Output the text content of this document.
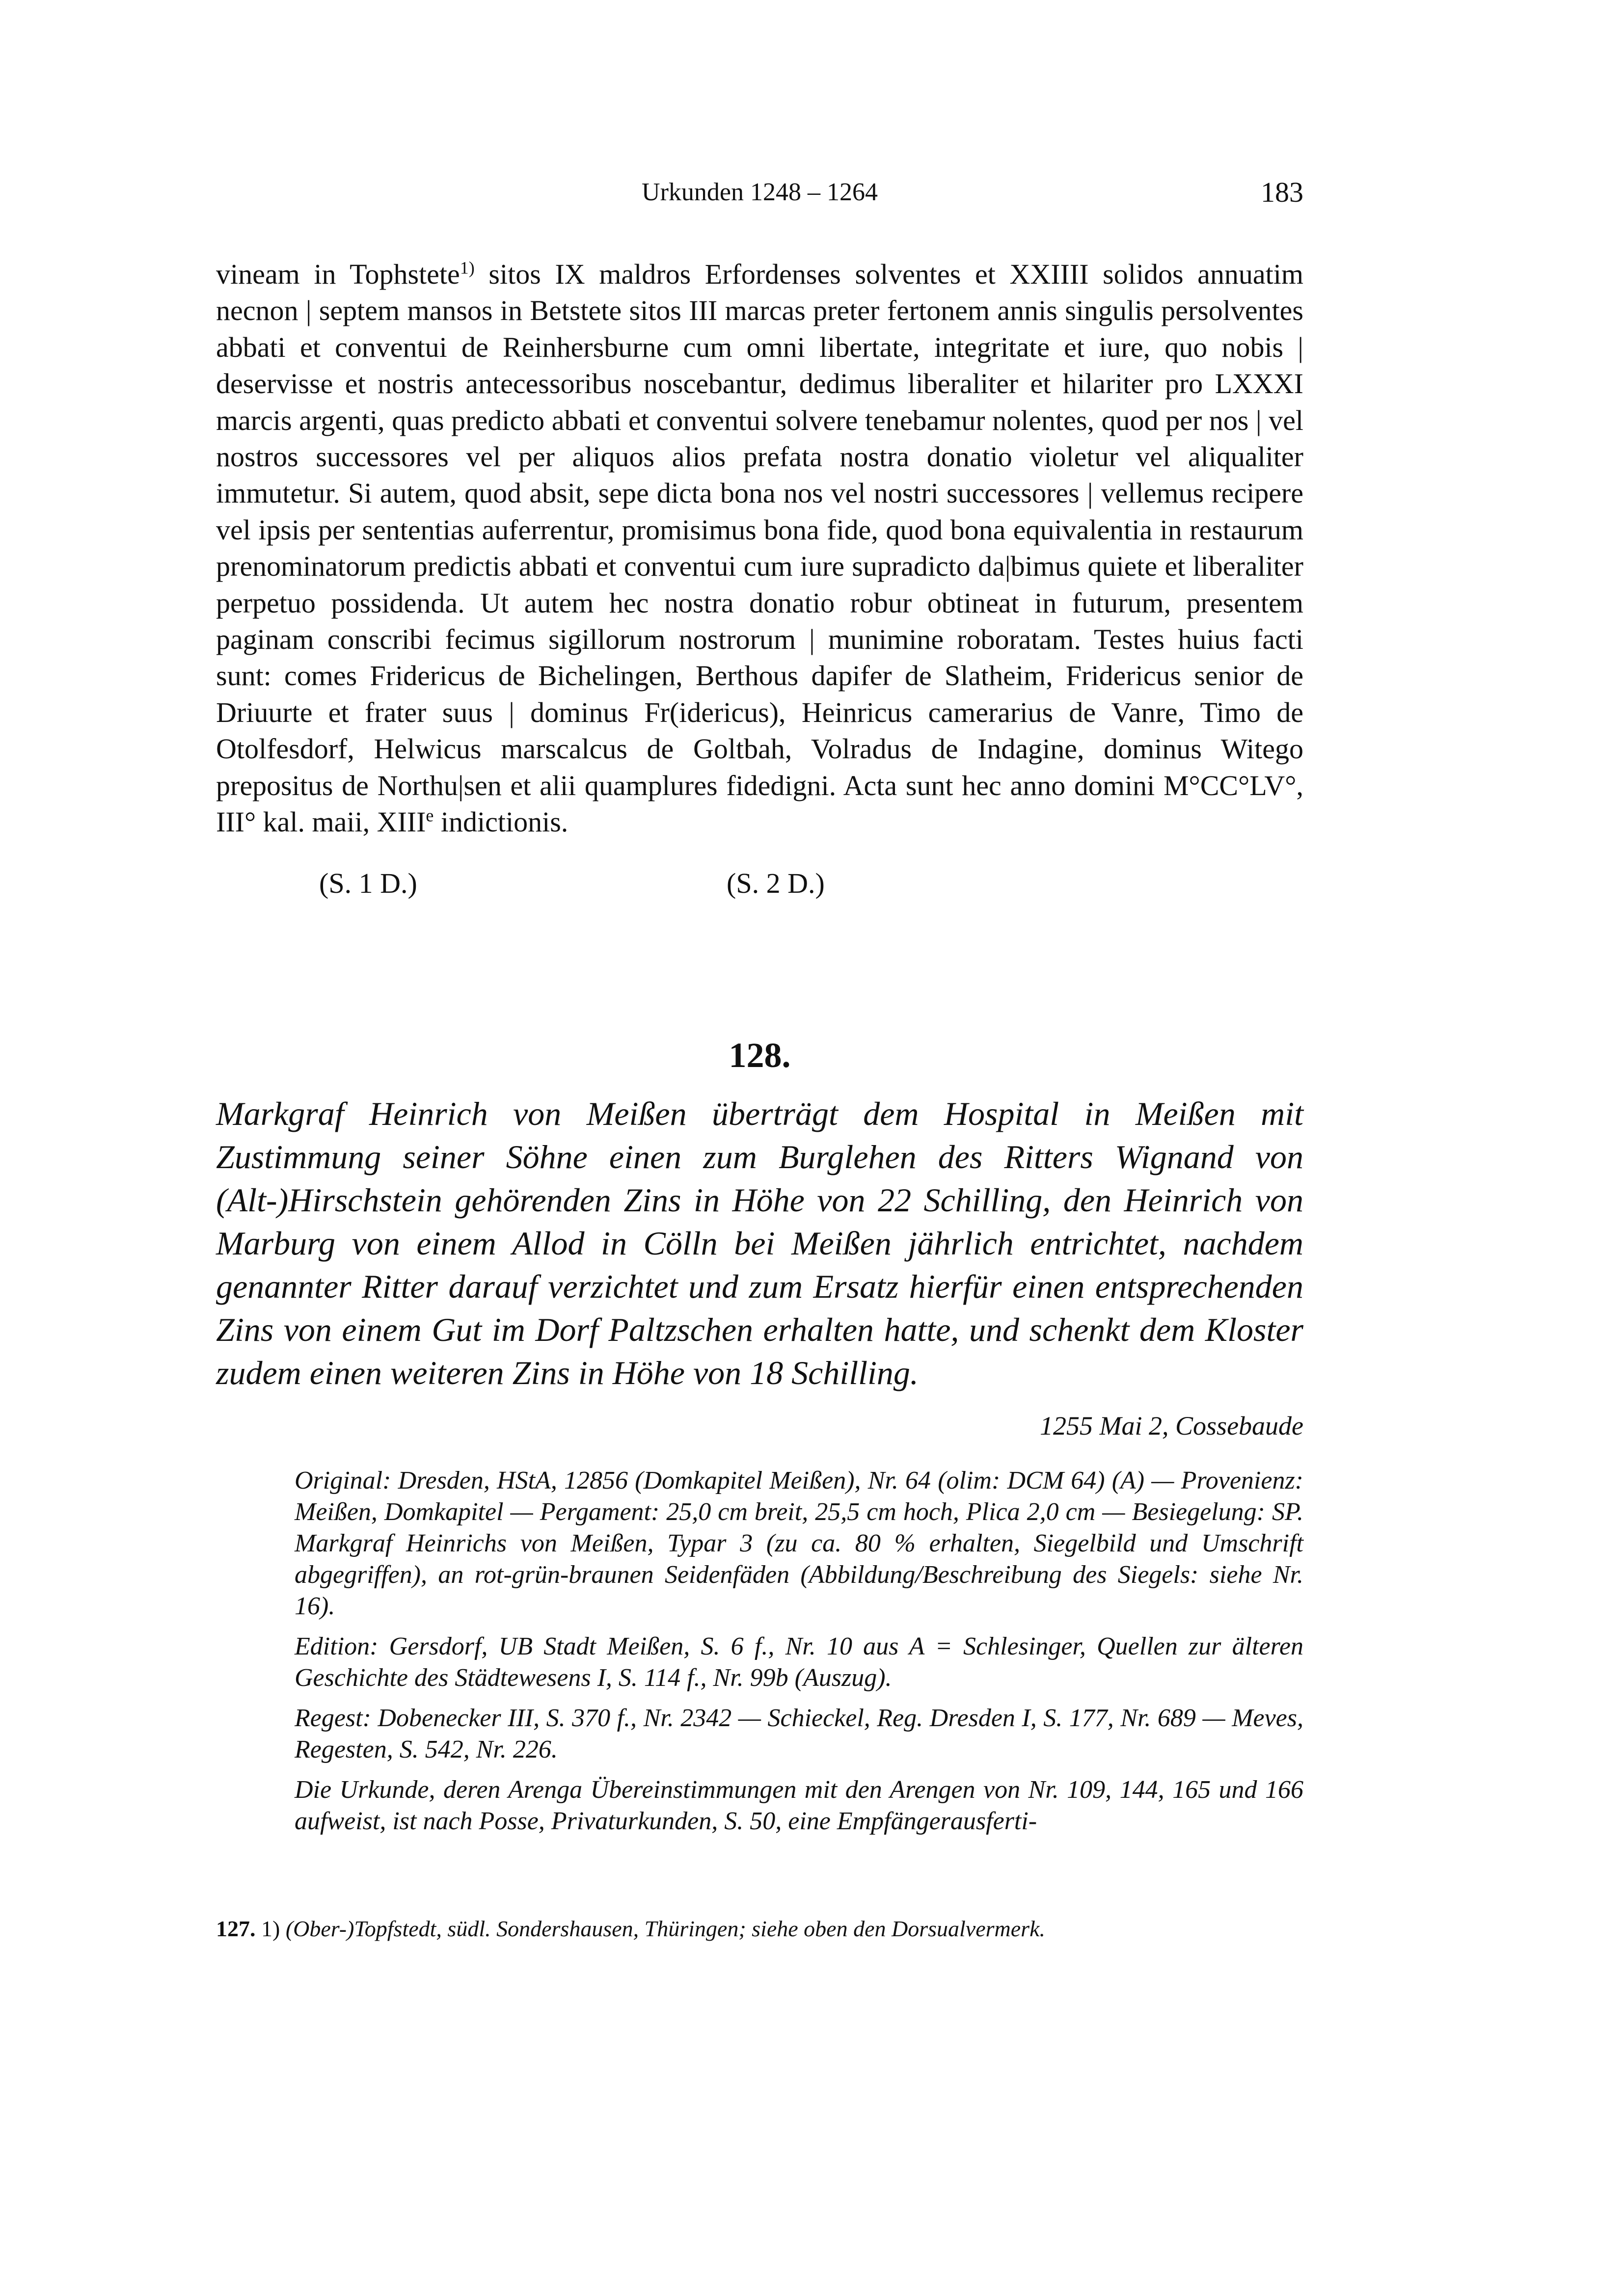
Urkunden 1248 – 1264	183

vineam in Tophstete$^{1)}$ sitos IX maldros Erfordenses solventes et XXIIII solidos annuatim necnon | septem mansos in Betstete sitos III marcas preter fertonem annis singulis persolventes abbati et conventui de Reinhersburne cum omni libertate, integritate et iure, quo nobis | deservisse et nostris antecessoribus noscebantur, dedimus liberaliter et hilariter pro LXXXI marcis argenti, quas predicto abbati et conventui solvere tenebamur nolentes, quod per nos | vel nostros successores vel per aliquos alios prefata nostra donatio violetur vel aliqualiter immutetur. Si autem, quod absit, sepe dicta bona nos vel nostri successores | vellemus recipere vel ipsis per sententias auferrentur, promisimus bona fide, quod bona equivalentia in restaurum prenominatorum predictis abbati et conventui cum iure supradicto da|bimus quiete et liberaliter perpetuo possidenda. Ut autem hec nostra donatio robur obtineat in futurum, presentem paginam conscribi fecimus sigillorum nostrorum | munimine roboratam. Testes huius facti sunt: comes Fridericus de Bichelingen, Berthous dapifer de Slatheim, Fridericus senior de Driuurte et frater suus | dominus Fr(idericus), Heinricus camerarius de Vanre, Timo de Otolfesdorf, Helwicus marscalcus de Goltbah, Volradus de Indagine, dominus Witego prepositus de Northu|sen et alii quamplures fidedigni. Acta sunt hec anno domini M°CC°LV°, III° kal. maii, XIIIe indictionis.

(S. 1 D.)	(S. 2 D.)
128.
Markgraf Heinrich von Meißen überträgt dem Hospital in Meißen mit Zustimmung seiner Söhne einen zum Burglehen des Ritters Wignand von (Alt-)Hirschstein gehörenden Zins in Höhe von 22 Schilling, den Heinrich von Marburg von einem Allod in Cölln bei Meißen jährlich entrichtet, nachdem genannter Ritter darauf verzichtet und zum Ersatz hierfür einen entsprechenden Zins von einem Gut im Dorf Paltzschen erhalten hatte, und schenkt dem Kloster zudem einen weiteren Zins in Höhe von 18 Schilling.
1255 Mai 2, Cossebaude

Original: Dresden, HStA, 12856 (Domkapitel Meißen), Nr. 64 (olim: DCM 64) (A) — Provenienz: Meißen, Domkapitel — Pergament: 25,0 cm breit, 25,5 cm hoch, Plica 2,0 cm — Besiegelung: SP. Markgraf Heinrichs von Meißen, Typar 3 (zu ca. 80 % erhalten, Siegelbild und Umschrift abgegriffen), an rot-grün-braunen Seidenfäden (Abbildung/Beschreibung des Siegels: siehe Nr. 16).

Edition: Gersdorf, UB Stadt Meißen, S. 6 f., Nr. 10 aus A = Schlesinger, Quellen zur älteren Geschichte des Städtewesens I, S. 114 f., Nr. 99b (Auszug).

Regest: Dobenecker III, S. 370 f., Nr. 2342 — Schieckel, Reg. Dresden I, S. 177, Nr. 689 — Meves, Regesten, S. 542, Nr. 226.

Die Urkunde, deren Arenga Übereinstimmungen mit den Arengen von Nr. 109, 144, 165 und 166 aufweist, ist nach Posse, Privaturkunden, S. 50, eine Empfängerausferti-

127. 1) (Ober-)Topfstedt, südl. Sondershausen, Thüringen; siehe oben den Dorsualvermerk.
